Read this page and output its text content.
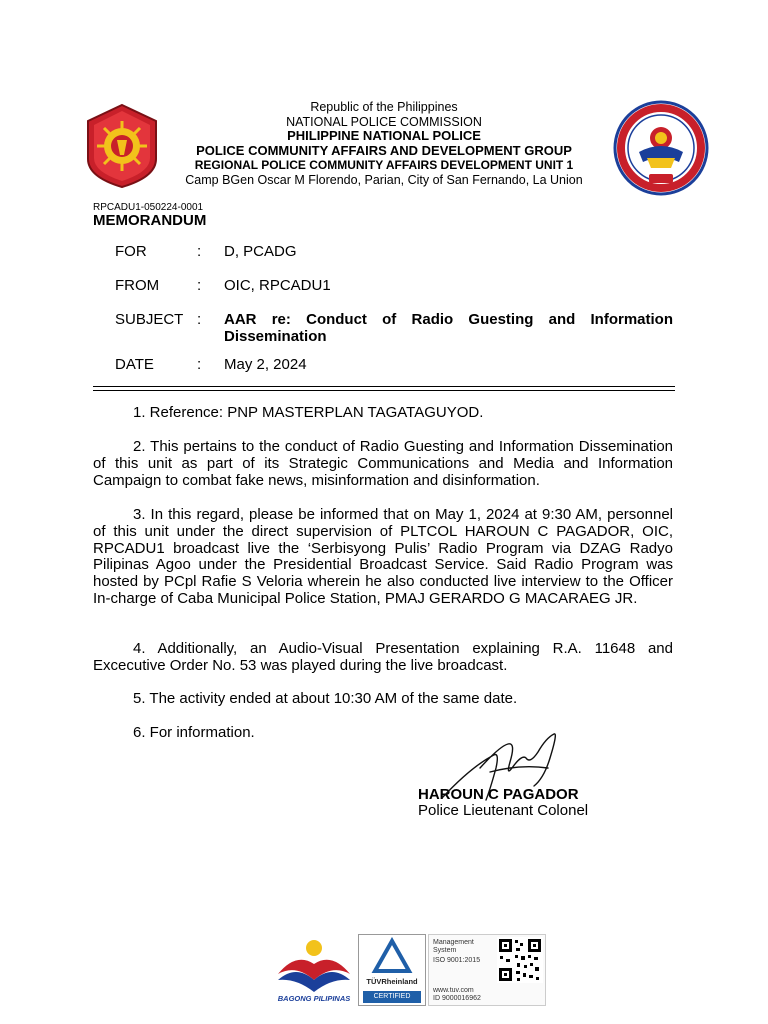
Republic of the Philippines
NATIONAL POLICE COMMISSION
PHILIPPINE NATIONAL POLICE
POLICE COMMUNITY AFFAIRS AND DEVELOPMENT GROUP
REGIONAL POLICE COMMUNITY AFFAIRS DEVELOPMENT UNIT 1
Camp BGen Oscar M Florendo, Parian, City of San Fernando, La Union
RPCADU1-050224-0001
MEMORANDUM
FOR	: D, PCADG
FROM	: OIC, RPCADU1
SUBJECT : AAR re: Conduct of Radio Guesting and Information Dissemination
DATE	: May 2, 2024
1. Reference: PNP MASTERPLAN TAGATAGUYOD.
2. This pertains to the conduct of Radio Guesting and Information Dissemination of this unit as part of its Strategic Communications and Media and Information Campaign to combat fake news, misinformation and disinformation.
3. In this regard, please be informed that on May 1, 2024 at 9:30 AM, personnel of this unit under the direct supervision of PLTCOL HAROUN C PAGADOR, OIC, RPCADU1 broadcast live the ‘Serbisyong Pulis’ Radio Program via DZAG Radyo Pilipinas Agoo under the Presidential Broadcast Service. Said Radio Program was hosted by PCpl Rafie S Veloria wherein he also conducted live interview to the Officer In-charge of Caba Municipal Police Station, PMAJ GERARDO G MACARAEG JR.
4. Additionally, an Audio-Visual Presentation explaining R.A. 11648 and Excecutive Order No. 53 was played during the live broadcast.
5. The activity ended at about 10:30 AM of the same date.
6. For information.
HAROUN C PAGADOR
Police Lieutenant Colonel
BAGONG PILIPINAS
TÜVRheinland
CERTIFIED
Management
System
ISO 9001:2015
www.tuv.com
ID 9000016962
